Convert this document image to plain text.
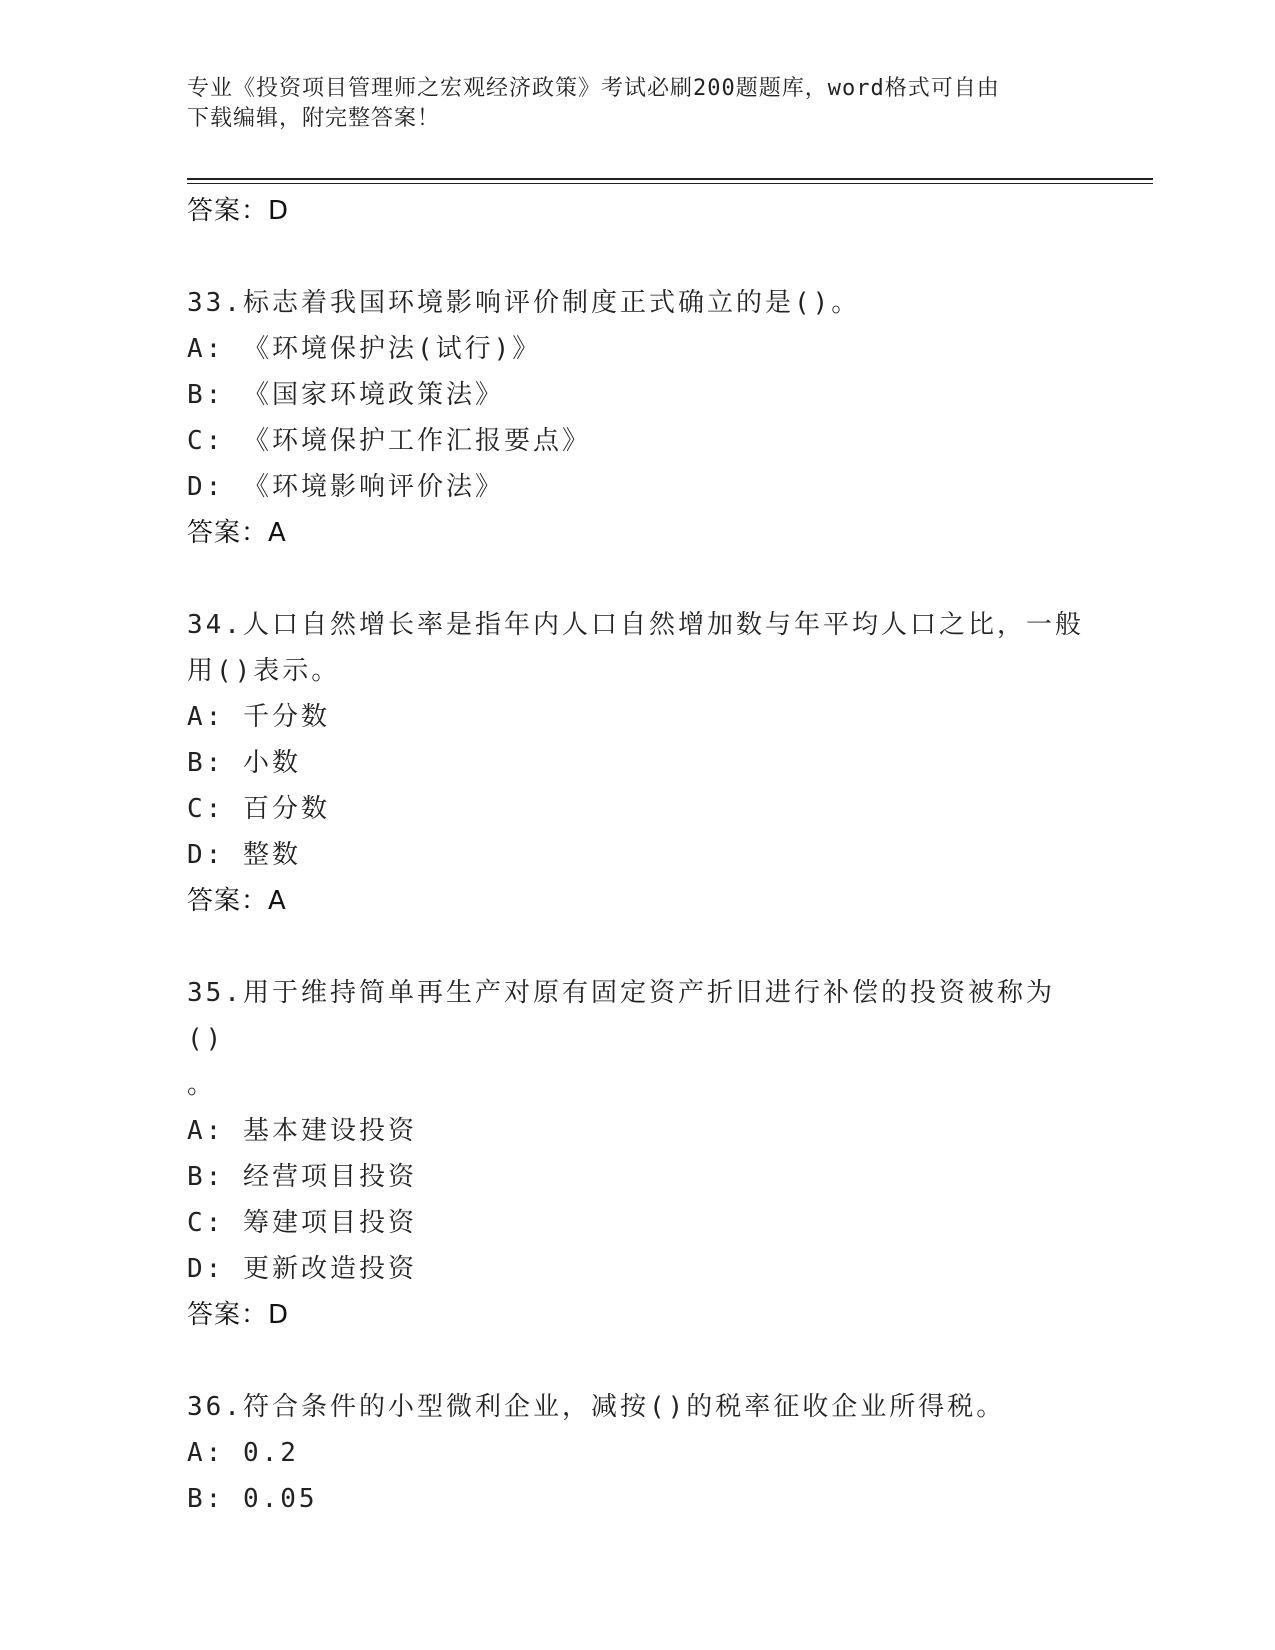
专业《投资项目管理师之宏观经济政策》考试必刷200题题库，word格式可自由
下载编辑，附完整答案！
答案：D
33.标志着我国环境影响评价制度正式确立的是()。
A: 《环境保护法(试行)》
B: 《国家环境政策法》
C: 《环境保护工作汇报要点》
D: 《环境影响评价法》
答案：A
34.人口自然增长率是指年内人口自然增加数与年平均人口之比，一般
用()表示。
A: 千分数
B: 小数
C: 百分数
D: 整数
答案：A
35.用于维持简单再生产对原有固定资产折旧进行补偿的投资被称为()
。
A: 基本建设投资
B: 经营项目投资
C: 筹建项目投资
D: 更新改造投资
答案：D
36.符合条件的小型微利企业，减按()的税率征收企业所得税。
A: 0.2
B: 0.05
